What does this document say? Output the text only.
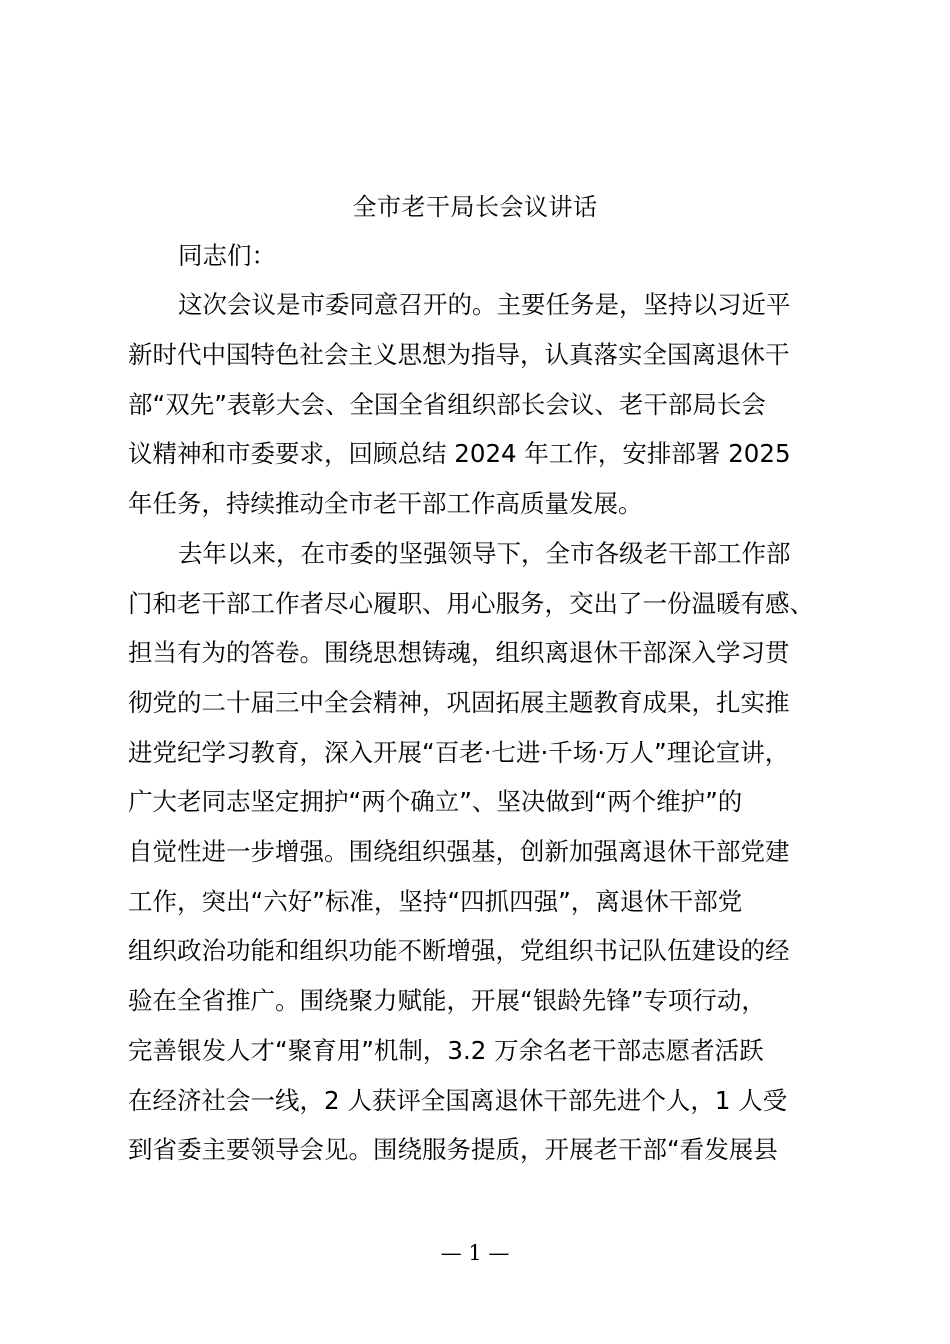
全市老干局长会议讲话
同志们：
这次会议是市委同意召开的。主要任务是，坚持以习近平
新时代中国特色社会主义思想为指导，认真落实全国离退休干
部“双先”表彰大会、全国全省组织部长会议、老干部局长会
议精神和市委要求，回顾总结 2024 年工作，安排部署 2025
年任务，持续推动全市老干部工作高质量发展。
去年以来，在市委的坚强领导下，全市各级老干部工作部
门和老干部工作者尽心履职、用心服务，交出了一份温暖有感、
担当有为的答卷。围绕思想铸魂，组织离退休干部深入学习贯
彻党的二十届三中全会精神，巩固拓展主题教育成果，扎实推
进党纪学习教育，深入开展“百老·七进·千场·万人”理论宣讲，
广大老同志坚定拥护“两个确立”、坚决做到“两个维护”的
自觉性进一步增强。围绕组织强基，创新加强离退休干部党建
工作，突出“六好”标准，坚持“四抓四强”，离退休干部党
组织政治功能和组织功能不断增强，党组织书记队伍建设的经
验在全省推广。围绕聚力赋能，开展“银龄先锋”专项行动，
完善银发人才“聚育用”机制，3.2 万余名老干部志愿者活跃
在经济社会一线，2 人获评全国离退休干部先进个人，1 人受
到省委主要领导会见。围绕服务提质，开展老干部“看发展县
— 1 —
